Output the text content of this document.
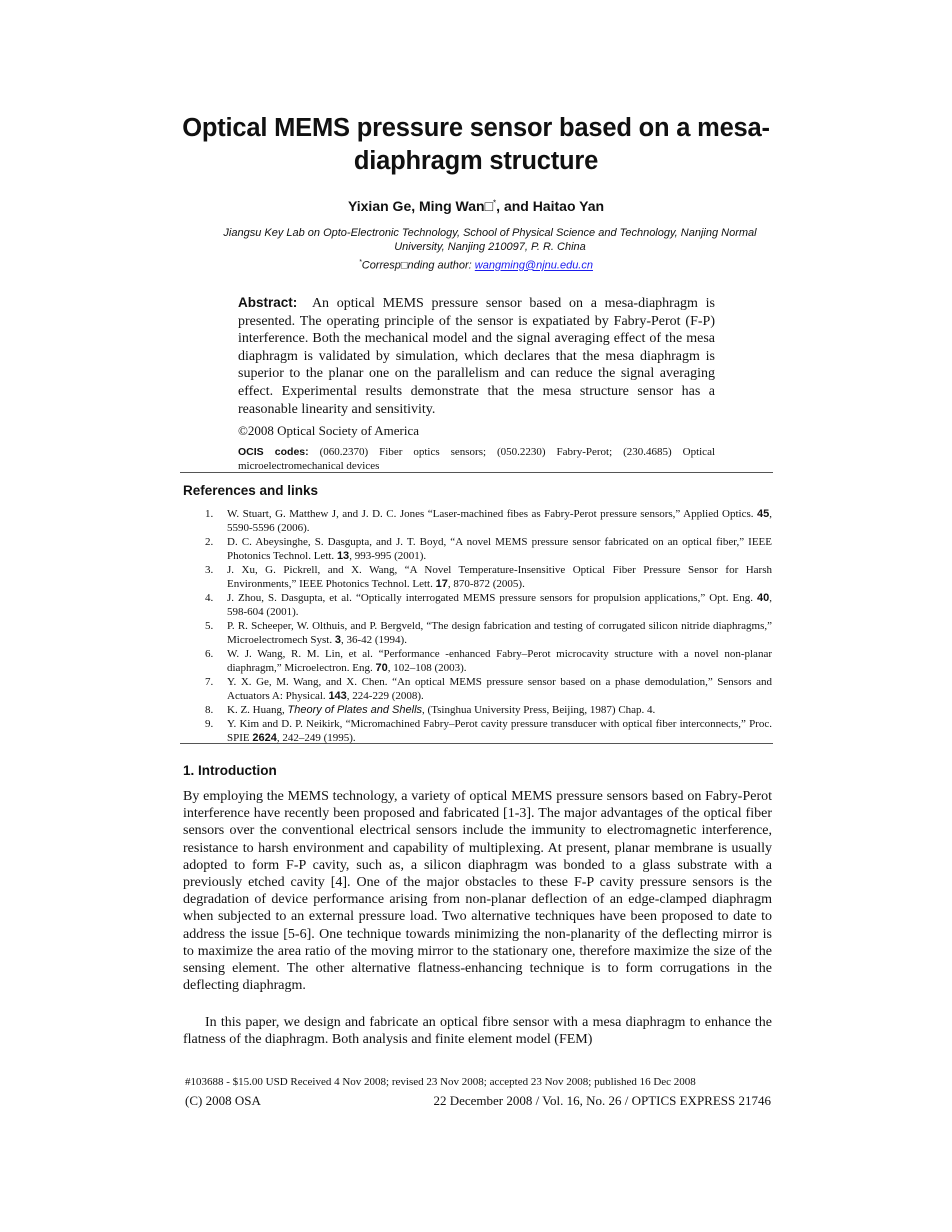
Optical MEMS pressure sensor based on a mesa-diaphragm structure

Yixian Ge, Ming Wan□*, and Haitao Yan

Jiangsu Key Lab on Opto-Electronic Technology, School of Physical Science and Technology, Nanjing Normal University, Nanjing 210097, P. R. China

*Corresp□nding author: wangming@njnu.edu.cn

Abstract: An optical MEMS pressure sensor based on a mesa-diaphragm is presented. The operating principle of the sensor is expatiated by Fabry-Perot (F-P) interference. Both the mechanical model and the signal averaging effect of the mesa diaphragm is validated by simulation, which declares that the mesa diaphragm is superior to the planar one on the parallelism and can reduce the signal averaging effect. Experimental results demonstrate that the mesa structure sensor has a reasonable linearity and sensitivity.

©2008 Optical Society of America

OCIS codes: (060.2370) Fiber optics sensors; (050.2230) Fabry-Perot; (230.4685) Optical microelectromechanical devices

References and links
1. W. Stuart, G. Matthew J, and J. D. C. Jones “Laser-machined fibes as Fabry-Perot pressure sensors,” Applied Optics. 45, 5590-5596 (2006).
2. D. C. Abeysinghe, S. Dasgupta, and J. T. Boyd, “A novel MEMS pressure sensor fabricated on an optical fiber,” IEEE Photonics Technol. Lett. 13, 993-995 (2001).
3. J. Xu, G. Pickrell, and X. Wang, “A Novel Temperature-Insensitive Optical Fiber Pressure Sensor for Harsh Environments,” IEEE Photonics Technol. Lett. 17, 870-872 (2005).
4. J. Zhou, S. Dasgupta, et al. “Optically interrogated MEMS pressure sensors for propulsion applications,” Opt. Eng. 40, 598-604 (2001).
5. P. R. Scheeper, W. Olthuis, and P. Bergveld, “The design fabrication and testing of corrugated silicon nitride diaphragms,” Microelectromech Syst. 3, 36-42 (1994).
6. W. J. Wang, R. M. Lin, et al. “Performance -enhanced Fabry–Perot microcavity structure with a novel non-planar diaphragm,” Microelectron. Eng. 70, 102–108 (2003).
7. Y. X. Ge, M. Wang, and X. Chen. “An optical MEMS pressure sensor based on a phase demodulation,” Sensors and Actuators A: Physical. 143, 224-229 (2008).
8. K. Z. Huang, Theory of Plates and Shells, (Tsinghua University Press, Beijing, 1987) Chap. 4.
9. Y. Kim and D. P. Neikirk, “Micromachined Fabry–Perot cavity pressure transducer with optical fiber interconnects,” Proc. SPIE 2624, 242–249 (1995).
1. Introduction

By employing the MEMS technology, a variety of optical MEMS pressure sensors based on Fabry-Perot interference have recently been proposed and fabricated [1-3]. The major advantages of the optical fiber sensors over the conventional electrical sensors include the immunity to electromagnetic interference, resistance to harsh environment and capability of multiplexing. At present, planar membrane is usually adopted to form F-P cavity, such as, a silicon diaphragm was bonded to a glass substrate with a previously etched cavity [4]. One of the major obstacles to these F-P cavity pressure sensors is the degradation of device performance arising from non-planar deflection of an edge-clamped diaphragm when subjected to an external pressure load. Two alternative techniques have been proposed to date to address the issue [5-6]. One technique towards minimizing the non-planarity of the deflecting mirror is to maximize the area ratio of the moving mirror to the stationary one, therefore maximize the size of the sensing element. The other alternative flatness-enhancing technique is to form corrugations in the deflecting diaphragm.

In this paper, we design and fabricate an optical fibre sensor with a mesa diaphragm to enhance the flatness of the diaphragm. Both analysis and finite element model (FEM)

#103688 - $15.00 USD Received 4 Nov 2008; revised 23 Nov 2008; accepted 23 Nov 2008; published 16 Dec 2008

(C) 2008 OSA	22 December 2008 / Vol. 16, No. 26 / OPTICS EXPRESS 21746
